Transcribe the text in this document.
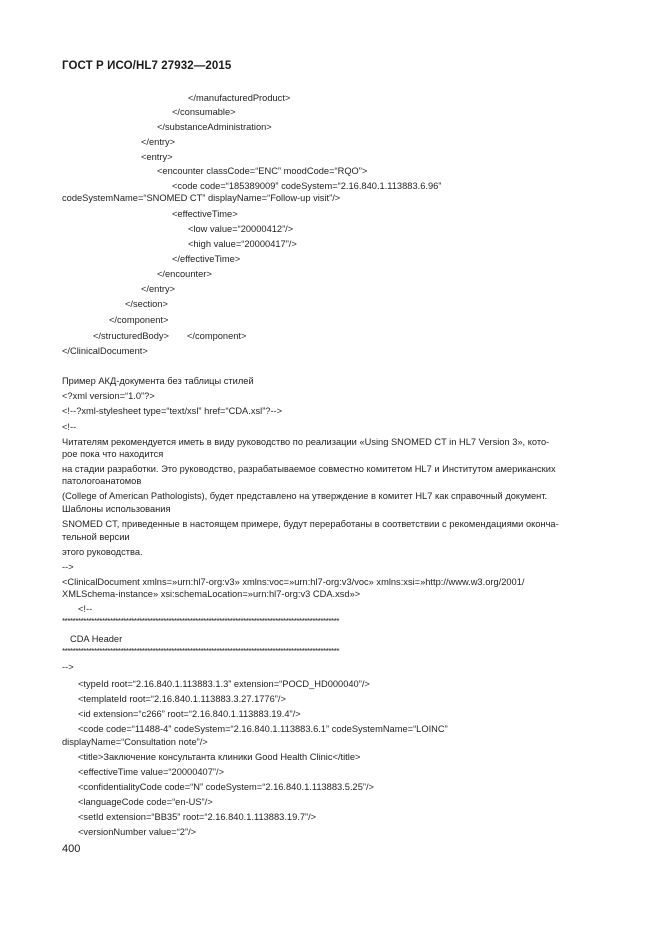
ГОСТ Р ИСО/HL7 27932—2015
</manufacturedProduct>
</consumable>
</substanceAdministration>
</entry>
<entry>
<encounter classCode=“ENC” moodCode=“RQO”>
<code code=“185389009” codeSystem=“2.16.840.1.113883.6.96”
codeSystemName=“SNOMED CT” displayName=“Follow-up visit”/>
<effectiveTime>
<low value=“20000412”/>
<high value=“20000417”/>
</effectiveTime>
</encounter>
</entry>
</section>
</component>
</structuredBody> </component>
</ClinicalDocument>
Пример АКД-документа без таблицы стилей
<?xml version=“1.0”?>
<!--?xml-stylesheet type=“text/xsl” href=“CDA.xsl”?-->
<!--
Читателям рекомендуется иметь в виду руководство по реализации «Using SNOMED CT in HL7 Version 3», кото-
рое пока что находится
на стадии разработки. Это руководство, разрабатываемое совместно комитетом HL7 и Институтом американских
патологоанатомов
(College of American Pathologists), будет представлено на утверждение в комитет HL7 как справочный документ.
Шаблоны использования
SNOMED CT, приведенные в настоящем примере, будут переработаны в соответствии с рекомендациями оконча-
тельной версии
этого руководства.
-->
<ClinicalDocument xmlns=»urn:hl7-org:v3» xmlns:voc=»urn:hl7-org:v3/voc» xmlns:xsi=»http://www.w3.org/2001/
XMLSchema-instance» xsi:schemaLocation=»urn:hl7-org:v3 CDA.xsd»>
<!--
********************************************************************************************************
CDA Header
********************************************************************************************************
-->
<typeId root=“2.16.840.1.113883.1.3” extension=“POCD_HD000040”/>
<templateId root=“2.16.840.1.113883.3.27.1776”/>
<id extension=“c266” root=“2.16.840.1.113883.19.4”/>
<code code=“11488-4” codeSystem=“2.16.840.1.113883.6.1” codeSystemName=“LOINC”
displayName=“Consultation note”/>
<title>Заключение консультанта клиники Good Health Clinic</title>
<effectiveTime value=“20000407”/>
<confidentialityCode code=“N” codeSystem=“2.16.840.1.113883.5.25”/>
<languageCode code=“en-US”/>
<setId extension=“BB35” root=“2.16.840.1.113883.19.7”/>
<versionNumber value=“2”/>
400
